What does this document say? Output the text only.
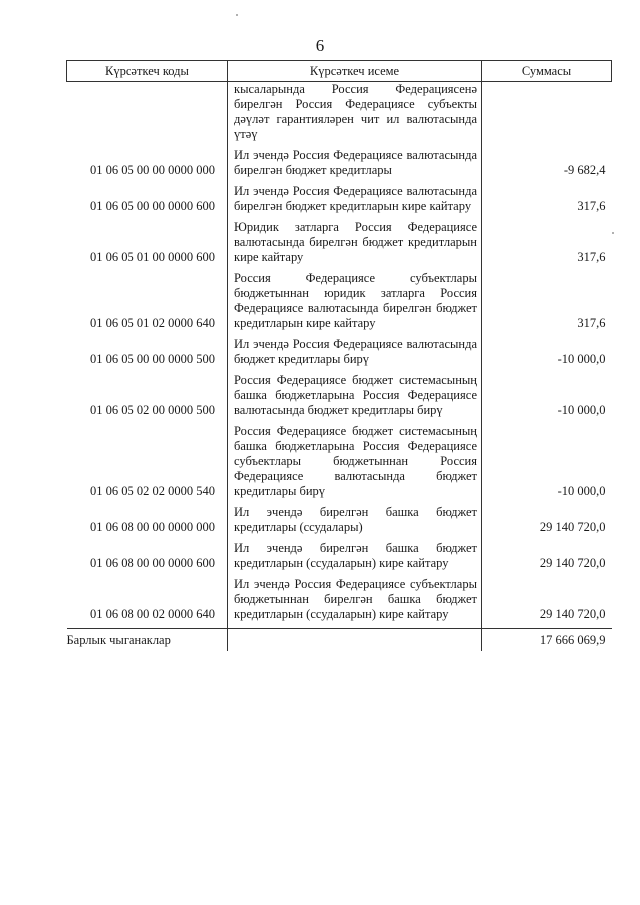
6
Күрсәткеч коды	Күрсәткеч исеме	Суммасы
	кысаларында Россия Федерациясенә бирелгән Россия Федерациясе субъекты дәүләт гарантияләрен чит ил валютасында үтәү	
01 06 05 00 00 0000 000	Ил эчендә Россия Федерациясе валютасында бирелгән бюджет кредитлары	-9 682,4
01 06 05 00 00 0000 600	Ил эчендә Россия Федерациясе валютасында бирелгән бюджет кредитларын кире кайтару	317,6
01 06 05 01 00 0000 600	Юридик затларга Россия Федерациясе валютасында бирелгән бюджет кредитларын кире кайтару	317,6
01 06 05 01 02 0000 640	Россия Федерациясе субъектлары бюджетыннан юридик затларга Россия Федерациясе валютасында бирелгән бюджет кредитларын кире кайтару	317,6
01 06 05 00 00 0000 500	Ил эчендә Россия Федерациясе валютасында бюджет кредитлары бирү	-10 000,0
01 06 05 02 00 0000 500	Россия Федерациясе бюджет системасының башка бюджетларына Россия Федерациясе валютасында бюджет кредитлары бирү	-10 000,0
01 06 05 02 02 0000 540	Россия Федерациясе бюджет системасының башка бюджетларына Россия Федерациясе субъектлары бюджетыннан Россия Федерациясе валютасында бюджет кредитлары бирү	-10 000,0
01 06 08 00 00 0000 000	Ил эчендә бирелгән башка бюджет кредитлары (ссудалары)	29 140 720,0
01 06 08 00 00 0000 600	Ил эчендә бирелгән башка бюджет кредитларын (ссудаларын) кире кайтару	29 140 720,0
01 06 08 00 02 0000 640	Ил эчендә Россия Федерациясе субъектлары бюджетыннан бирелгән башка бюджет кредитларын (ссудаларын) кире кайтару	29 140 720,0
Барлык чыганаклар		17 666 069,9
